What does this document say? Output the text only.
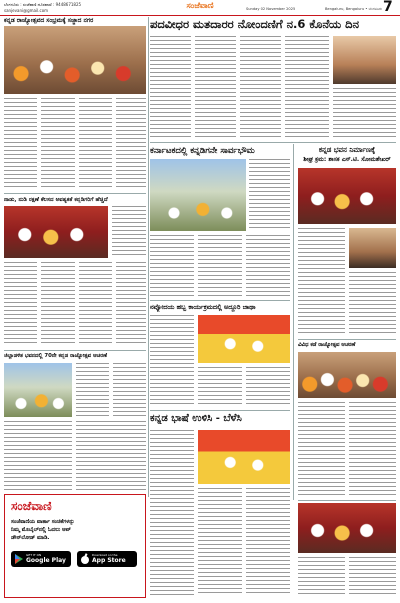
ಬೆಂಗಳೂರು : ಸಂಜೆವಾಣಿ ದೂರವಾಣಿ : 9448671825
sanjevani@gmail.com
ಸಂಜೆವಾಣಿ	Sunday 02 November 2025	Bengaluru, Bengaluru • ಬೆಂಗಳೂರು 7
ಕನ್ನಡ ರಾಜ್ಯೋತ್ಸವದ ಸಂಭ್ರಮಕ್ಕೆ ಸಜ್ಜಾದ ನಗರ	ಪದವೀಧರ ಮತದಾರರ ನೋಂದಣಿಗೆ ನ.6 ಕೊನೆಯ ದಿನ
ಕರ್ನಾಟಕದಲ್ಲಿ ಕನ್ನಡಿಗನೇ ಸಾರ್ವಭೌಮ	ಕನ್ನಡ ಭವನ ನಿರ್ಮಾಣಕ್ಕೆ
ಶೀಘ್ರ ಕ್ರಮ: ಶಾಸಕ ಎಸ್.ಟಿ. ಸೋಮಶೇಖರ್
ನಾಡು, ನುಡಿ ರಕ್ಷಣೆ ಕೆಲಸದ ಅವಶ್ಯಕತೆ ಕನ್ನಡಿಗರಿಗೆ ಹೆಚ್ಚಿದೆ
ನವ್ಯೋದಯ ಹಬ್ಬ ಕಾರ್ಯಕ್ರಮದಲ್ಲಿ ಅದ್ದೂರಿ ಜಾಥಾ
ವಿವಿಧ ಕಡೆ ರಾಜ್ಯೋತ್ಸವ ಆಚರಣೆ
ಜಿಲ್ಲಾಡಳಿತ ಭವನದಲ್ಲಿ 70ನೇ ಕನ್ನಡ ರಾಜ್ಯೋತ್ಸವ ಆಚರಣೆ
ಕನ್ನಡ ಭಾಷೆ ಉಳಿಸಿ - ಬೆಳೆಸಿ
ಸಂಜೆವಾಣಿ
ಸಂಜೆವಾಣಿಯ ವಾರ್ತಾ ಸಂಚಿಕೆಗಳನ್ನು
ನಿಮ್ಮ ಮೊಬೈಲ್‌ನಲ್ಲಿ ಓದಲು ಆಪ್
ಡೌನ್‌ಲೋಡ್ ಮಾಡಿ.
GET IT ON
Google Play
Download on the
App Store
